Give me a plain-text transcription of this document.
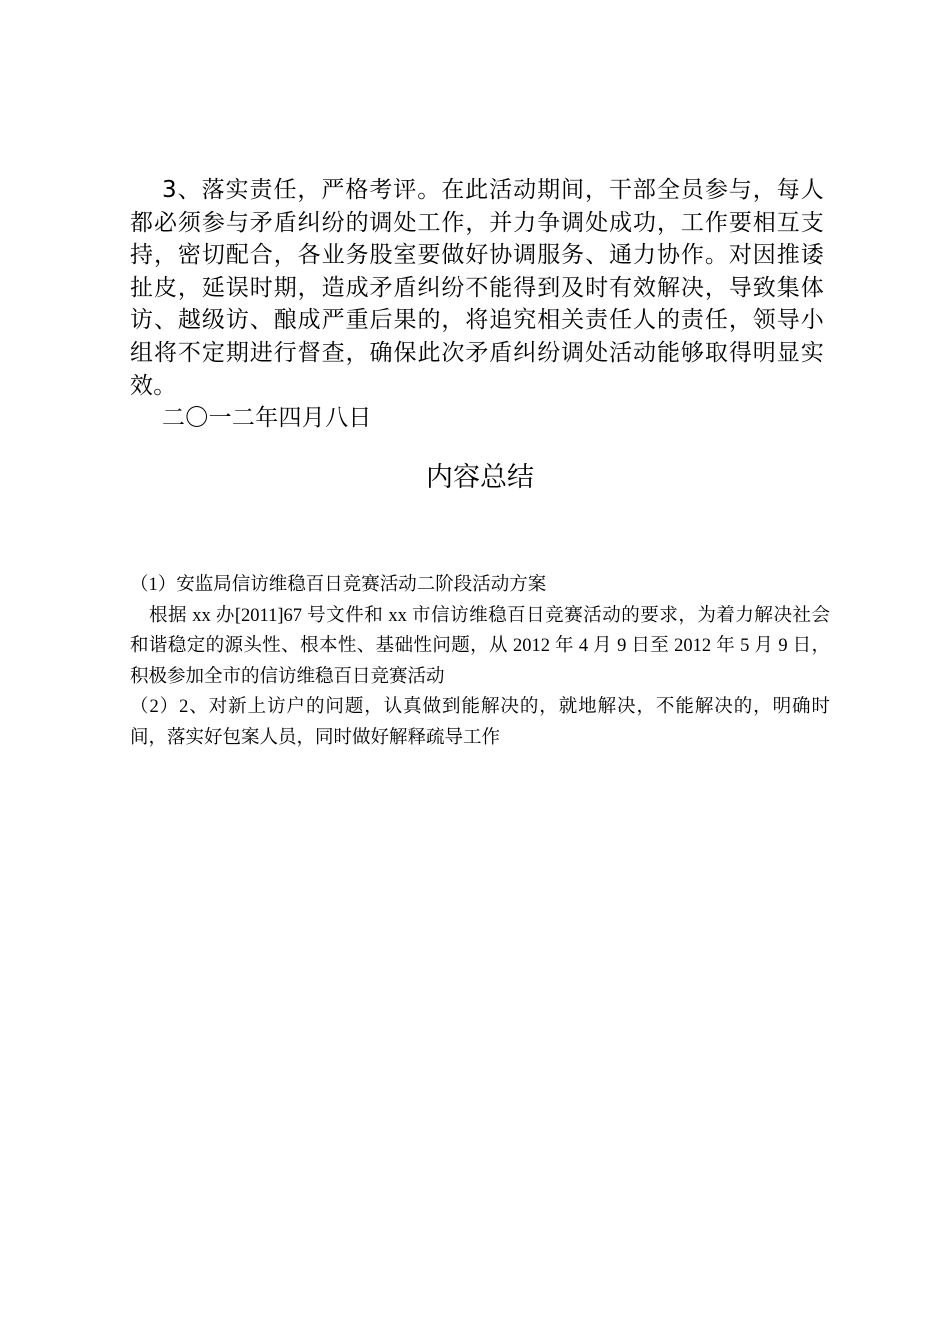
3、落实责任，严格考评。在此活动期间，干部全员参与，每人都必须参与矛盾纠纷的调处工作，并力争调处成功，工作要相互支持，密切配合，各业务股室要做好协调服务、通力协作。对因推诿扯皮，延误时期，造成矛盾纠纷不能得到及时有效解决，导致集体访、越级访、酿成严重后果的，将追究相关责任人的责任，领导小组将不定期进行督查，确保此次矛盾纠纷调处活动能够取得明显实效。

二〇一二年四月八日

内容总结

（1）安监局信访维稳百日竞赛活动二阶段活动方案

根据 xx 办[2011]67 号文件和 xx 市信访维稳百日竞赛活动的要求，为着力解决社会和谐稳定的源头性、根本性、基础性问题，从 2012 年 4 月 9 日至 2012 年 5 月 9 日，积极参加全市的信访维稳百日竞赛活动

（2）2、对新上访户的问题，认真做到能解决的，就地解决，不能解决的，明确时间，落实好包案人员，同时做好解释疏导工作
